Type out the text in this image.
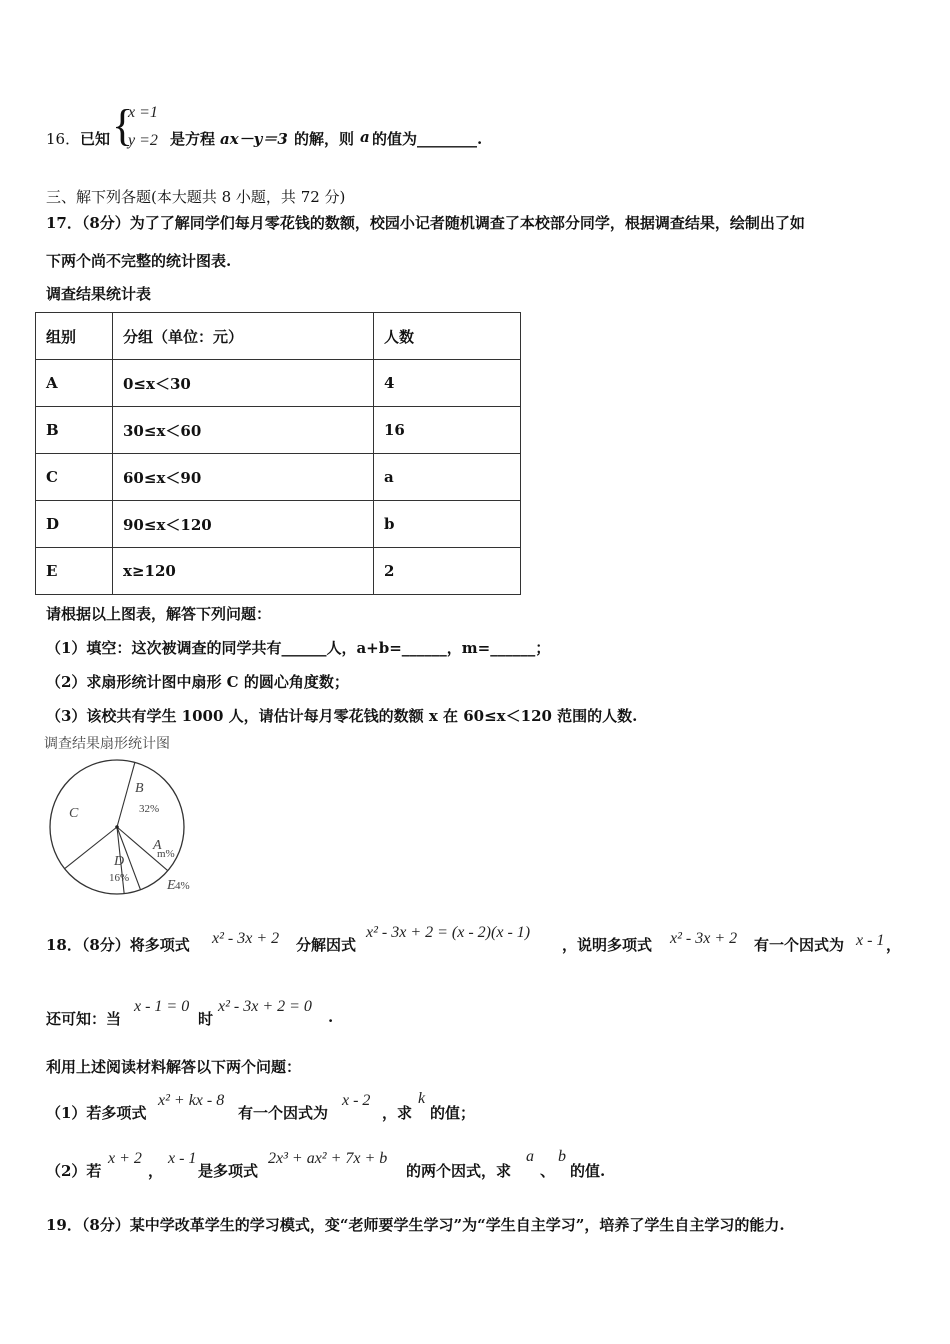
16． 已知 {
x =1
y =2 是方程 ax－y＝3 的解，则 a 的值为________.
三、解下列各题(本大题共 8 小题，共 72 分)
17．（8分）为了了解同学们每月零花钱的数额，校园小记者随机调查了本校部分同学，根据调查结果，绘制出了如
下两个尚不完整的统计图表.
调查结果统计表
组别	分组（单位：元）	人数
A	0≤x＜30	4
B	30≤x＜60	16
C	60≤x＜90	a
D	90≤x＜120	b
E	x≥120	2
请根据以上图表，解答下列问题：
（1）填空：这次被调查的同学共有______人，a+b=______，m=______；
（2）求扇形统计图中扇形 C 的圆心角度数；
（3）该校共有学生 1000 人，请估计每月零花钱的数额 x 在 60≤x＜120 范围的人数.
调查结果扇形统计图
B
32%
A
m%
E 4%
D
16%
C
18．（8分）将多项式 x² - 3x + 2 分解因式
x² - 3x + 2 = (x - 2)(x - 1)
，说明多项式 x² - 3x + 2 有一个因式为 x - 1 ，
还可知：当
x - 1 = 0
时
x² - 3x + 2 = 0
.
利用上述阅读材料解答以下两个问题：
（1）若多项式
x² + kx - 8
有一个因式为
x - 2
，求
k
的值；
（2）若
x + 2
，
x - 1
是多项式
2x³ + ax² + 7x + b
的两个因式，求
a
、
b
的值.
19．（8分）某中学改革学生的学习模式，变“老师要学生学习”为“学生自主学习”，培养了学生自主学习的能力.
